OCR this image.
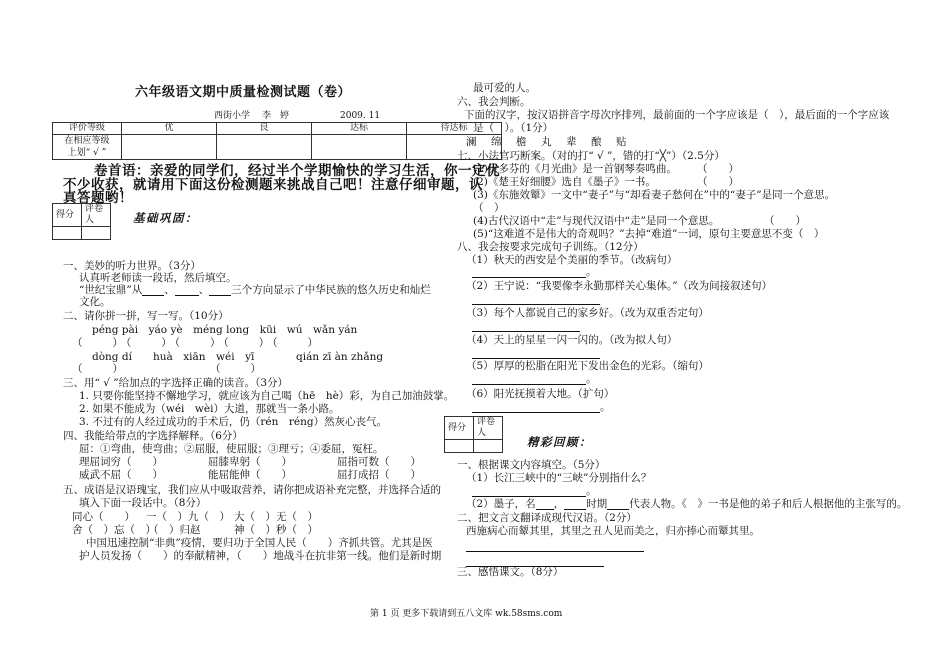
六年级语文期中质量检测试题（卷）
西街小学 李　婷	2009. 11
评价等级	优	良	达标	待达标
在相应等级
上划“ √ ”				
卷首语：亲爱的同学们，经过半个学期愉快的学习生活，你一定优
不少收获，就请用下面这份检测题来挑战自己吧！注意仔细审题，认
真答题哟！
得分	评卷人
		基础巩固：
一、美妙的听力世界。（3分）
认真听老师读一段话，然后填空。
“世纪宝鼎”从 、 、 三个方向显示了中华民族的悠久历史和灿烂
文化。
二、请你拼一拼，写一写。（10分）
péng pài　yáo yè　méng long　kūi　wú　wǎn yán
（　　）（　　）（　　）（　　）（　　）
dòng dí　　huà　xiān　wéi　yī	qián zī àn zhǎng
（　　）　　　　　　　（　　）
三、用“ √ ”给加点的字选择正确的读音。（3分）
1. 只要你能坚持不懈地学习，就应该为自己喝（hē　hè）彩，为自己加油鼓掌。
2. 如果不能成为（wéi　wèi）大道，那就当一条小路。
3. 不过有的人经过成功的手术后，仍（rén　réng）然灰心丧气。
四、我能给带点的字选择解释。（6分）
屈：①弯曲，使弯曲；②屈服，使屈服；③理亏；④委屈，冤枉。
理屈词穷（　　）	屈膝卑躬（　　）	屈指可数（　　）
威武不屈（　　）	能屈能伸（　　）	屈打成招（　　）
五、成语是汉语瑰宝，我们应从中吸取营养，请你把成语补充完整，并选择合适的
填入下面一段话中。（8分）
同心（　　） 一（　）九（　） 大（　）无（　）
舍（　）忘（　）
（　）归赵	神（　）秒（　）
中国迅速控制“非典”疫情，要归功于全国人民（　　）齐抓共管。尤其是医
护人员发扬（　　）的奉献精神，（　　）地战斗在抗非第一线。他们是新时期
最可爱的人。
六、我会判断。
下面的汉字，按汉语拼音字母次序排列，最前面的一个字应该是（　），最后面的一个字应该
是（　）。（1分）
澜　绵　檐　丸　辈　酿　贴
七、小法官巧断案。（对的打“ √ ”，错的打“╳”）（2.5分）
(1)贝多芬的《月光曲》是一首钢琴奏鸣曲。 （　　）
(2)《楚王好细腰》选自《墨子》一书。	（　　）
(3)《东施效颦》一文中“妻子”与“却看妻子愁何在”中的“妻子”是同一个意思。
（　）
(4)古代汉语中“走”与现代汉语中“走”是同一个意思。	（　　）
(5)“这难道不是伟大的奇观吗？”去掉“难道”一词，原句主要意思不变（　）
八、我会按要求完成句子训练。（12分）
（1）秋天的西安是个美丽的季节。（改病句）
。
（2）王宁说：“我要像李永勤那样关心集体。”（改为间接叙述句）
（3）每个人都说自己的家乡好。（改为双重否定句）
（4）天上的星星一闪一闪的。（改为拟人句）
（5）厚厚的松脂在阳光下发出金色的光彩。（缩句）
。
（6）阳光抚摸着大地。（扩句）
。
得分	评卷人

精彩回顾：
一、根据课文内容填空。（5分）
（1）长江三峡中的“三峡”分别指什么？
。
（2）墨子，名 ， 时期 代表人物。《　》一书是他的弟子和后人根据他的主张写的。
二、把文言文翻译成现代汉语。（2分）
西施病心而颦其里，其里之丑人见而美之，归亦捧心而颦其里。
三、感悟课文。（8分）
第 1 页 更多下载请到五八文库 wk.58sms.com
